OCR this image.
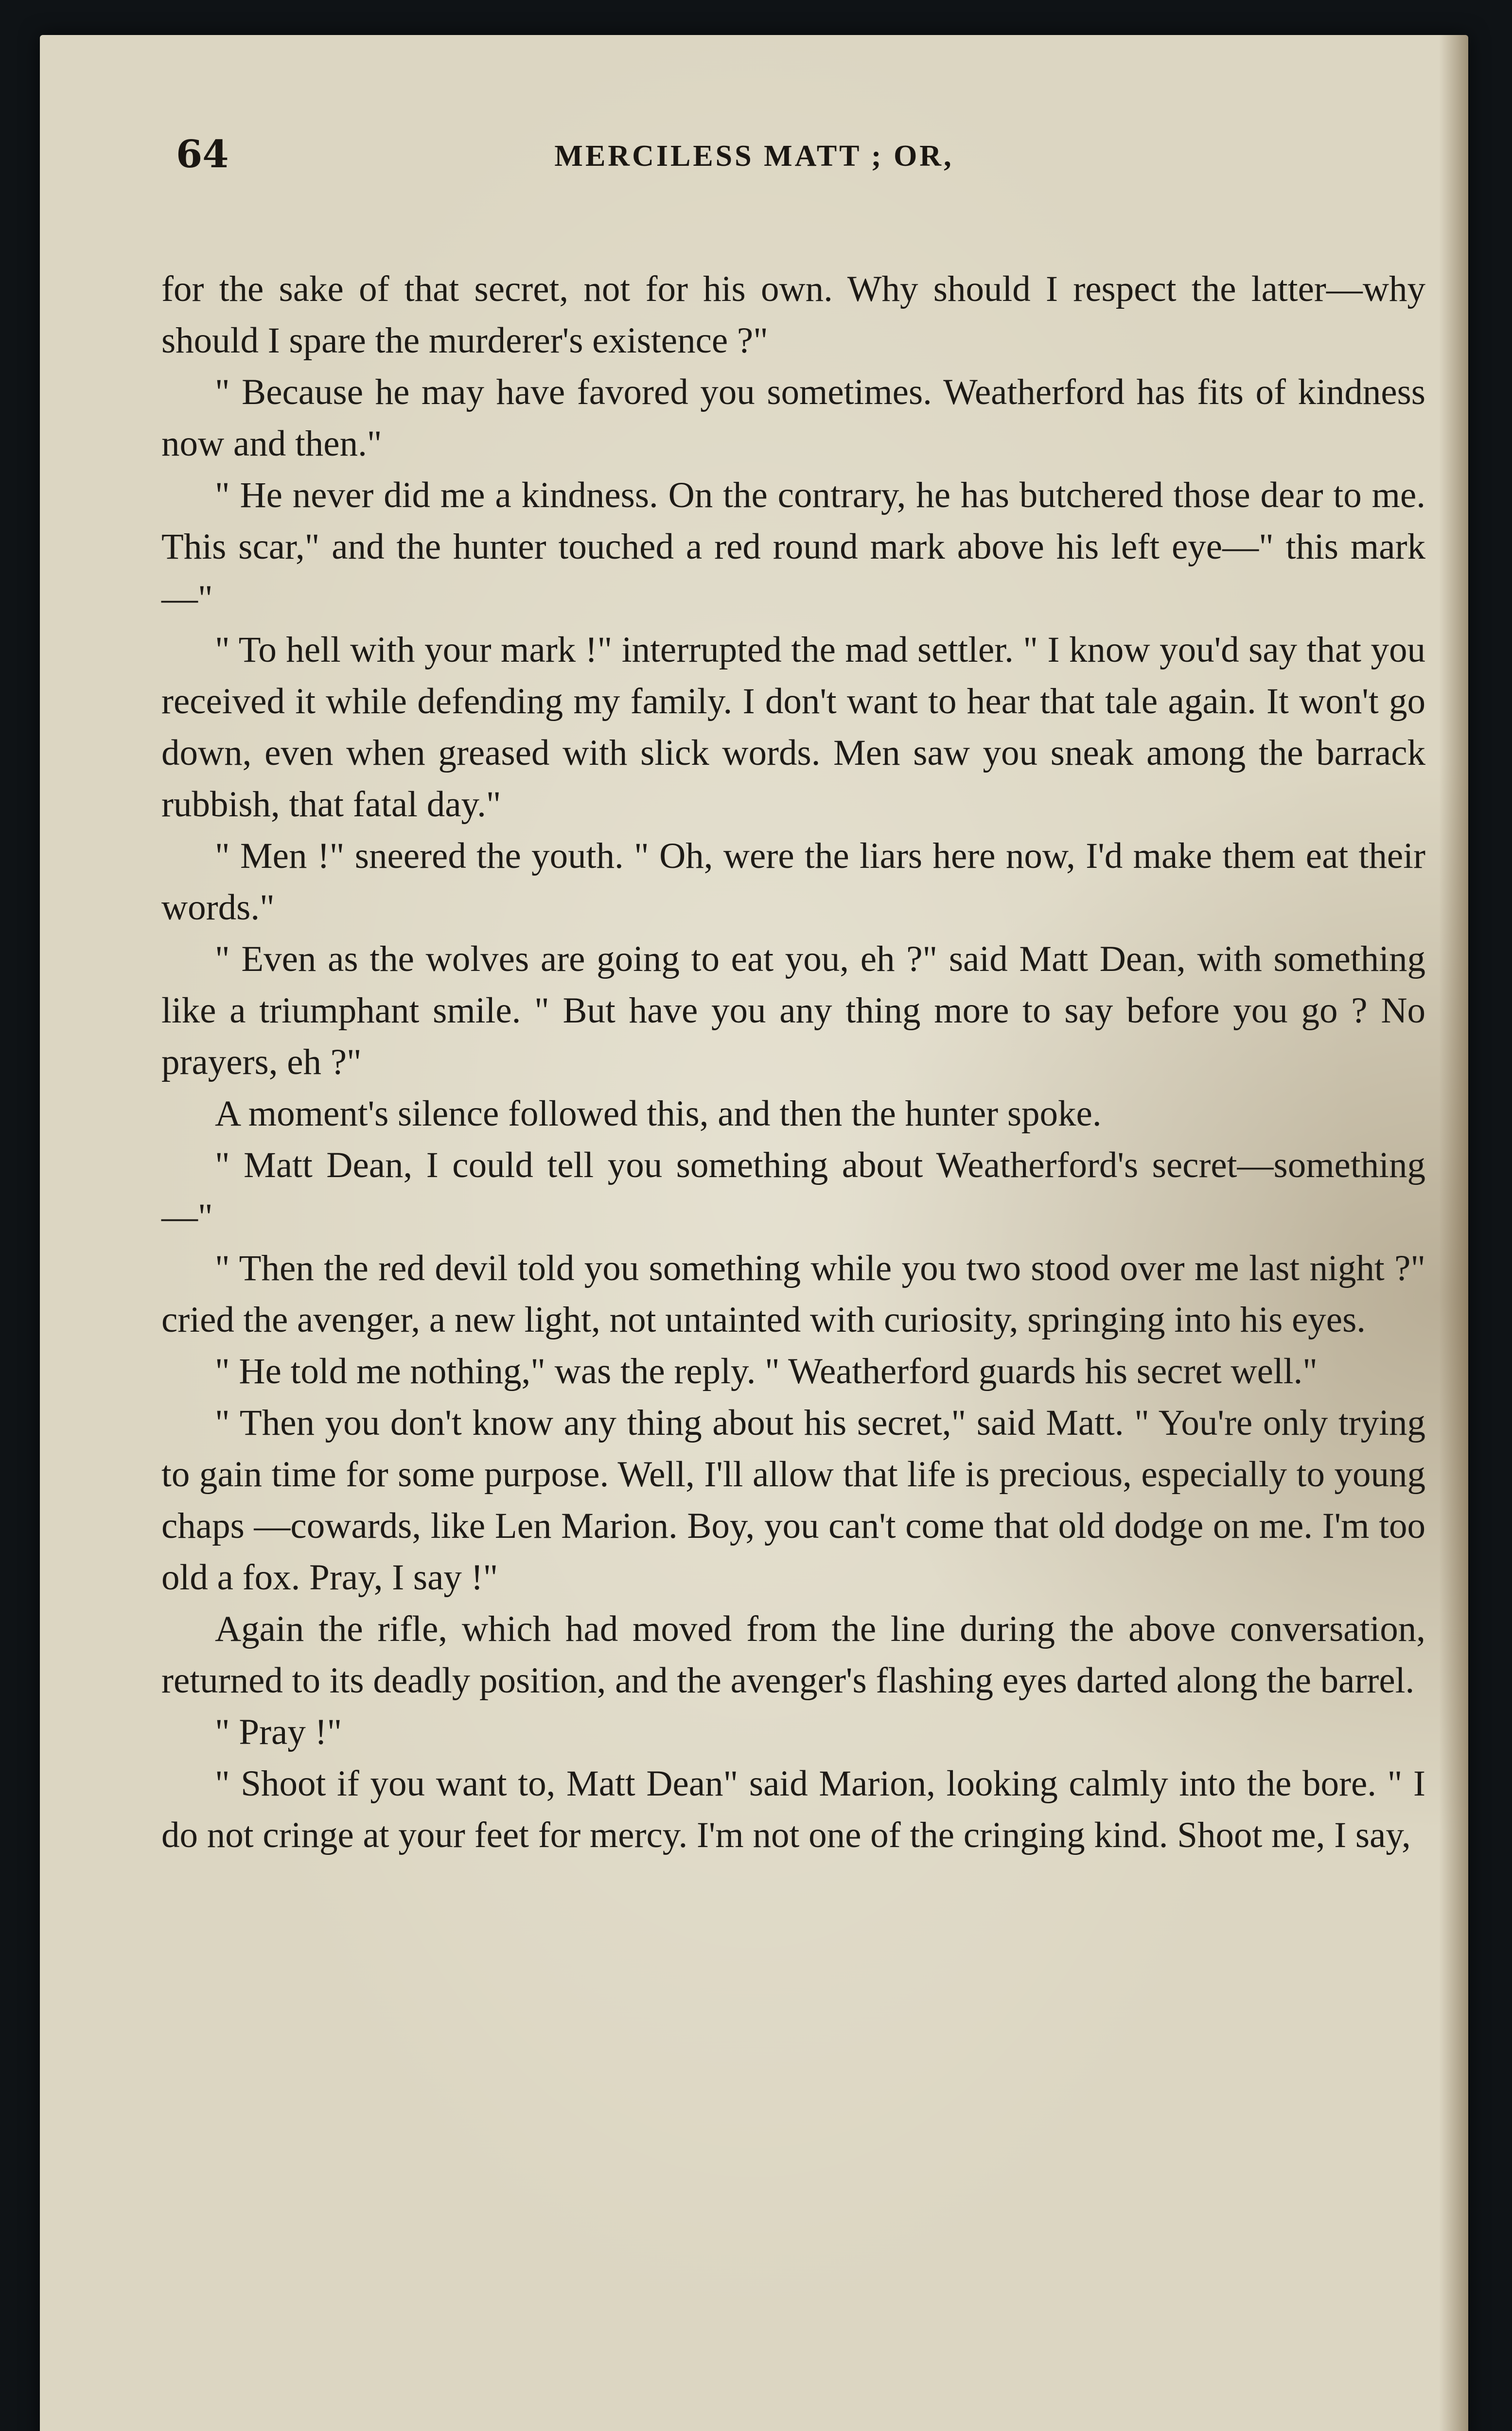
64	MERCILESS MATT ; OR,

for the sake of that secret, not for his own. Why should I respect the latter—why should I spare the murderer's existence ?"

" Because he may have favored you sometimes. Weatherford has fits of kindness now and then."

" He never did me a kindness. On the contrary, he has butchered those dear to me. This scar," and the hunter touched a red round mark above his left eye—" this mark—"

" To hell with your mark !" interrupted the mad settler. " I know you'd say that you received it while defending my family. I don't want to hear that tale again. It won't go down, even when greased with slick words. Men saw you sneak among the barrack rubbish, that fatal day."

" Men !" sneered the youth. " Oh, were the liars here now, I'd make them eat their words."

" Even as the wolves are going to eat you, eh ?" said Matt Dean, with something like a triumphant smile. " But have you any thing more to say before you go ? No prayers, eh ?"

A moment's silence followed this, and then the hunter spoke.

" Matt Dean, I could tell you something about Weatherford's secret—something—"

" Then the red devil told you something while you two stood over me last night ?" cried the avenger, a new light, not untainted with curiosity, springing into his eyes.

" He told me nothing," was the reply. " Weatherford guards his secret well."

" Then you don't know any thing about his secret," said Matt. " You're only trying to gain time for some purpose. Well, I'll allow that life is precious, especially to young chaps —cowards, like Len Marion. Boy, you can't come that old dodge on me. I'm too old a fox. Pray, I say !"

Again the rifle, which had moved from the line during the above conversation, returned to its deadly position, and the avenger's flashing eyes darted along the barrel.

" Pray !"

" Shoot if you want to, Matt Dean" said Marion, looking calmly into the bore. " I do not cringe at your feet for mercy. I'm not one of the cringing kind. Shoot me, I say,
